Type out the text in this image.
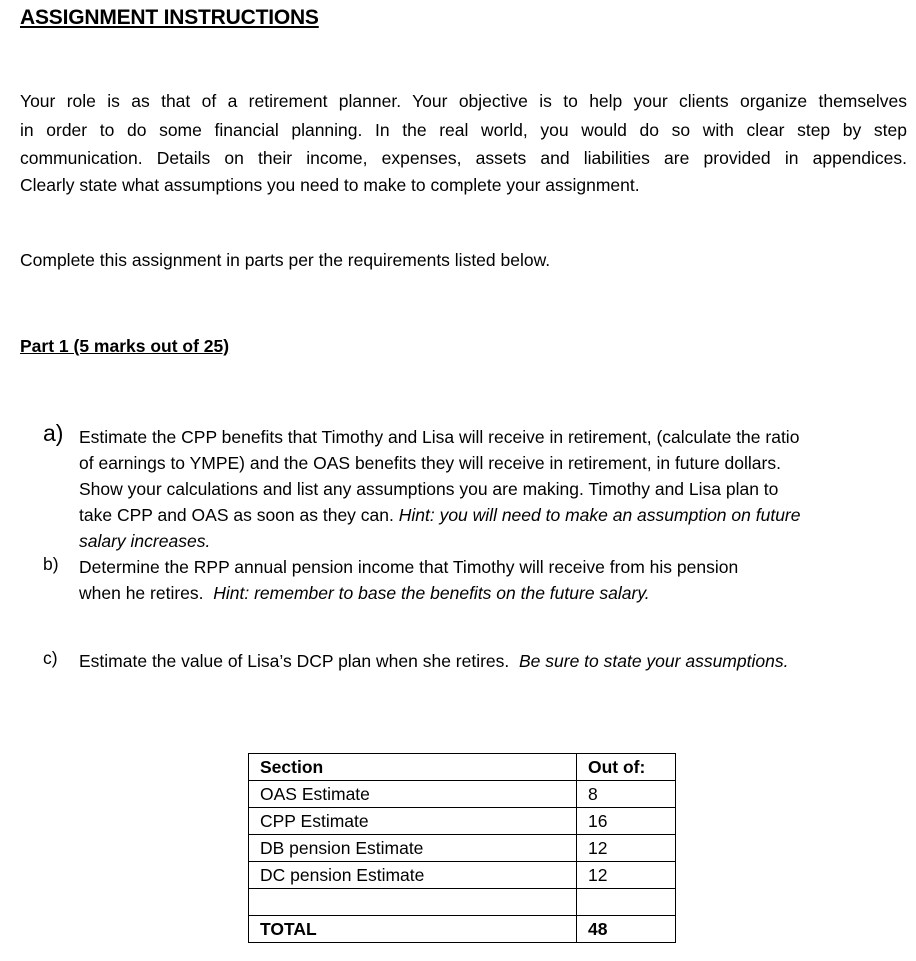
ASSIGNMENT INSTRUCTIONS
Your role is as that of a retirement planner. Your objective is to help your clients organize themselves
in order to do some financial planning. In the real world, you would do so with clear step by step
communication. Details on their income, expenses, assets and liabilities are provided in appendices.
Clearly state what assumptions you need to make to complete your assignment.
Complete this assignment in parts per the requirements listed below.
Part 1 (5 marks out of 25)
a) Estimate the CPP benefits that Timothy and Lisa will receive in retirement, (calculate the ratio
of earnings to YMPE) and the OAS benefits they will receive in retirement, in future dollars.
Show your calculations and list any assumptions you are making. Timothy and Lisa plan to
take CPP and OAS as soon as they can. Hint: you will need to make an assumption on future
salary increases.
b) Determine the RPP annual pension income that Timothy will receive from his pension
when he retires.  Hint: remember to base the benefits on the future salary.
c) Estimate the value of Lisa’s DCP plan when she retires.  Be sure to state your assumptions.
Section	Out of:
OAS Estimate	8
CPP Estimate	16
DB pension Estimate	12
DC pension Estimate	12

TOTAL	48
